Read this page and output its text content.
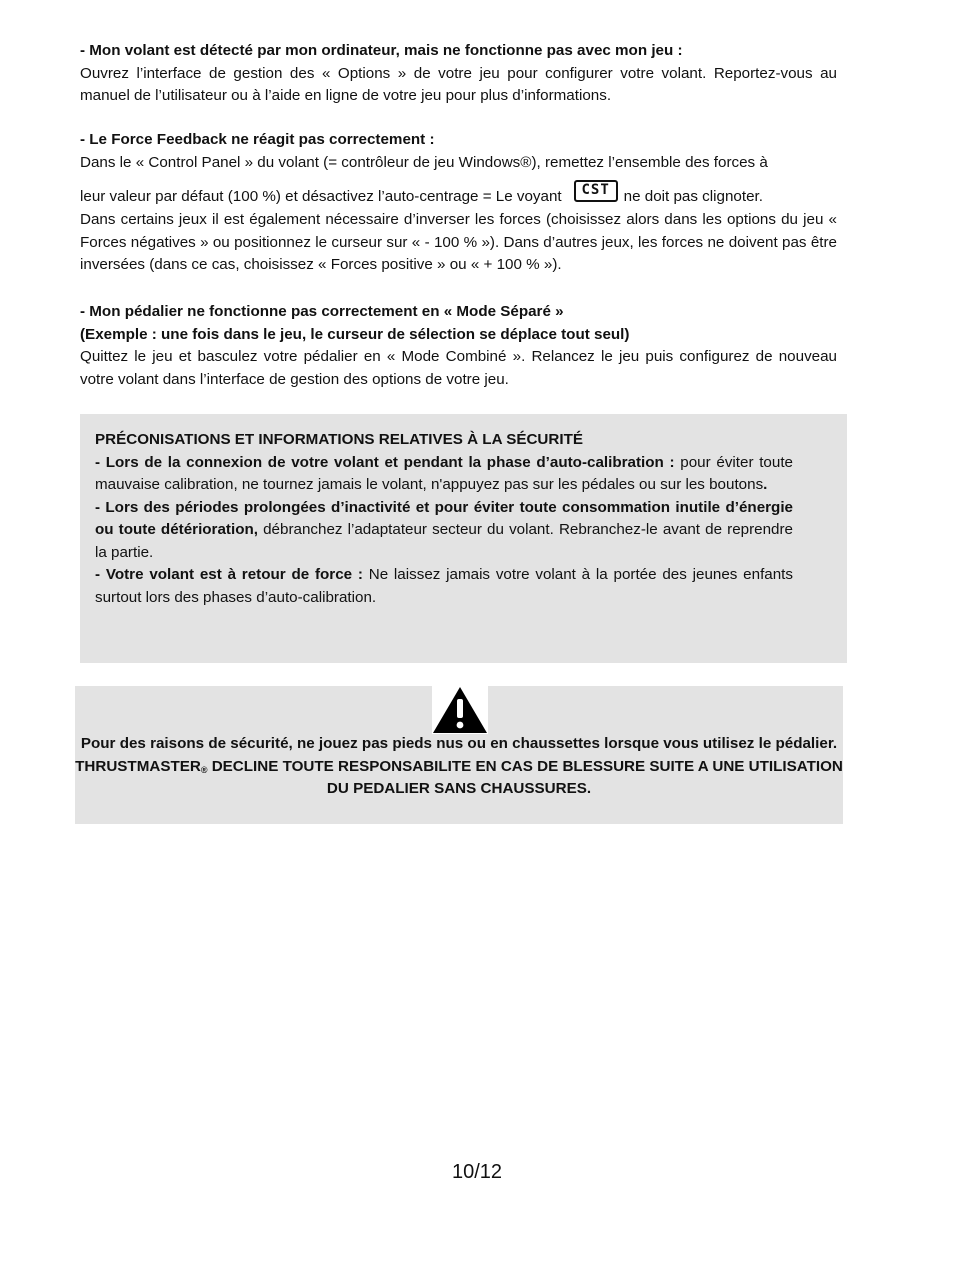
- Mon volant est détecté par mon ordinateur, mais ne fonctionne pas avec mon jeu :

Ouvrez l’interface de gestion des « Options » de votre jeu pour configurer votre volant. Reportez-vous au manuel de l’utilisateur ou à l’aide en ligne de votre jeu pour plus d’informations.

- Le Force Feedback ne réagit pas correctement :

Dans le « Control Panel » du volant (= contrôleur de jeu Windows®), remettez l’ensemble des forces à

leur valeur par défaut (100 %) et désactivez l’auto-centrage = Le voyant CST ne doit pas clignoter.

Dans certains jeux il est également nécessaire d’inverser les forces (choisissez alors dans les options du jeu « Forces négatives » ou positionnez le curseur sur « - 100 % »). Dans d’autres jeux, les forces ne doivent pas être inversées (dans ce cas, choisissez « Forces positive » ou « + 100 % »).

- Mon pédalier ne fonctionne pas correctement en « Mode Séparé »

(Exemple : une fois dans le jeu, le curseur de sélection se déplace tout seul)

Quittez le jeu et basculez votre pédalier en « Mode Combiné ». Relancez le jeu puis configurez de nouveau votre volant dans l’interface de gestion des options de votre jeu.

PRÉCONISATIONS ET INFORMATIONS RELATIVES À LA SÉCURITÉ

- Lors de la connexion de votre volant et pendant la phase d’auto-calibration : pour éviter toute mauvaise calibration, ne tournez jamais le volant, n'appuyez pas sur les pédales ou sur les boutons.

- Lors des périodes prolongées d’inactivité et pour éviter toute consommation inutile d’énergie ou toute détérioration, débranchez l’adaptateur secteur du volant. Rebranchez-le avant de reprendre la partie.

- Votre volant est à retour de force : Ne laissez jamais votre volant à la portée des jeunes enfants surtout lors des phases d’auto-calibration.

Pour des raisons de sécurité, ne jouez pas pieds nus ou en chaussettes lorsque vous utilisez le pédalier.

THRUSTMASTER® DECLINE TOUTE RESPONSABILITE EN CAS DE BLESSURE SUITE A UNE UTILISATION DU PEDALIER SANS CHAUSSURES.

10/12
